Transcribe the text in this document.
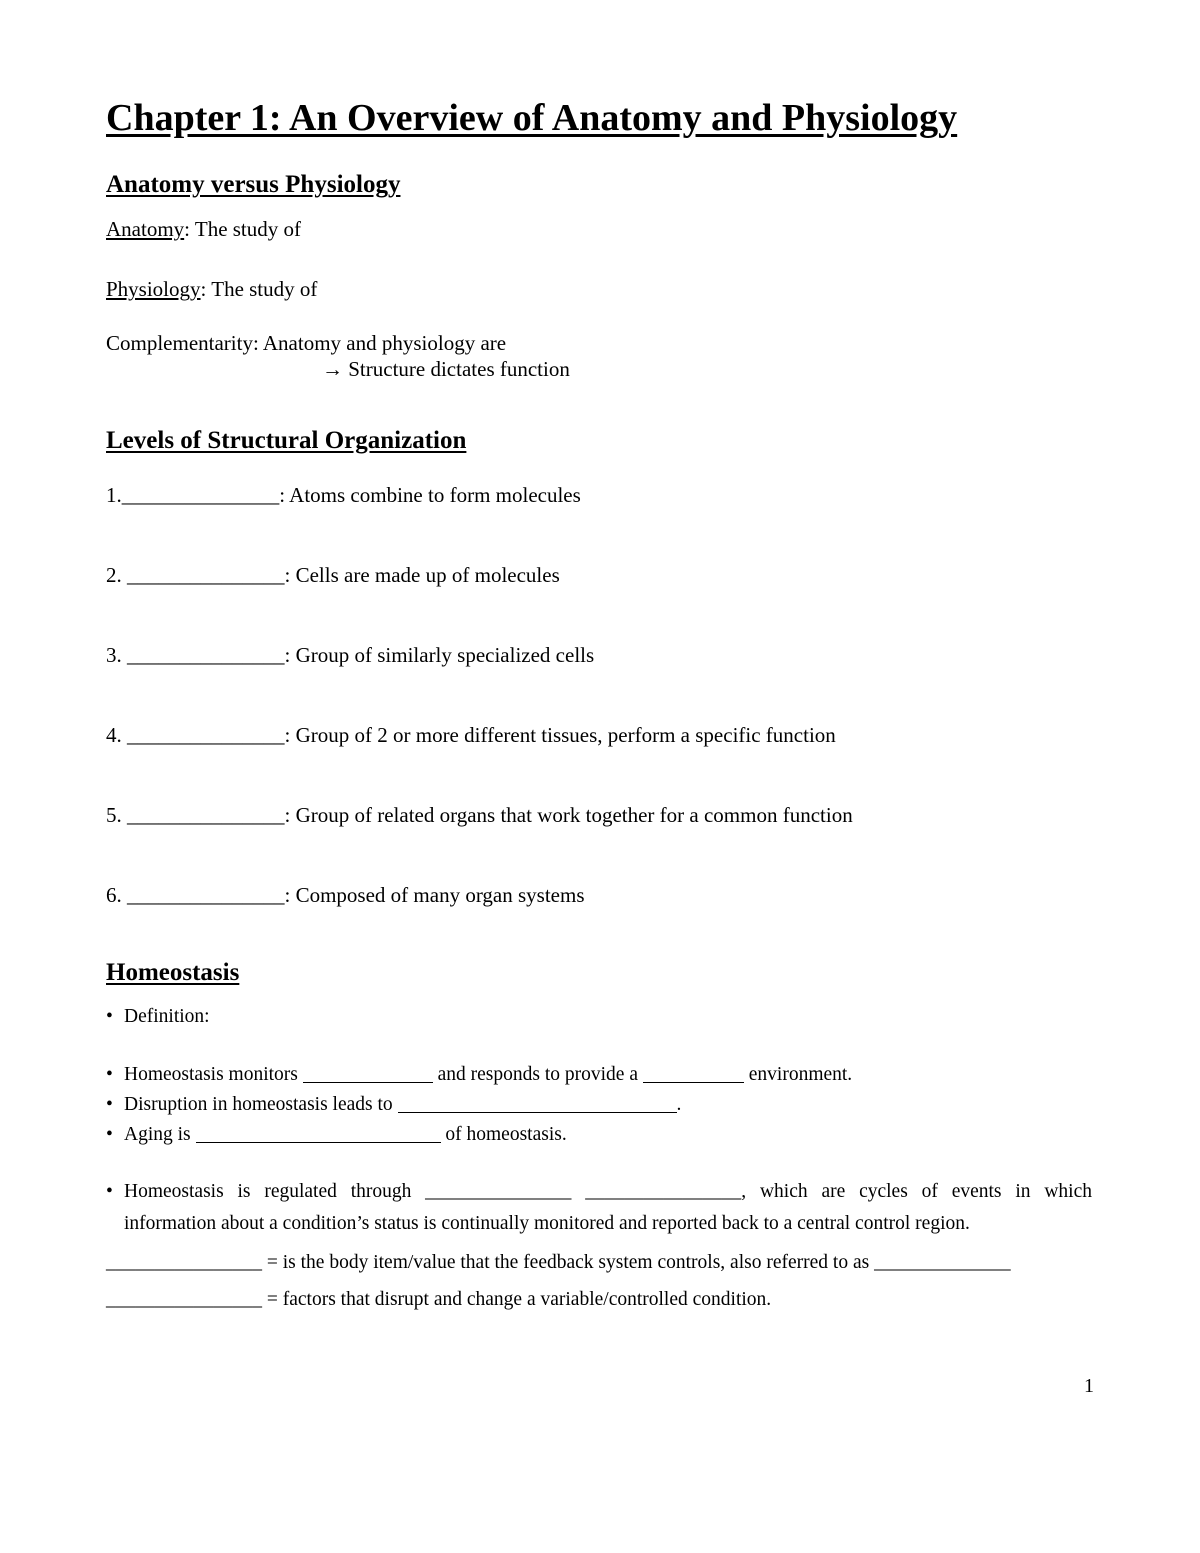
Chapter 1: An Overview of Anatomy and Physiology
Anatomy versus Physiology
Anatomy: The study of
Physiology: The study of
Complementarity: Anatomy and physiology are
→ Structure dictates function
Levels of Structural Organization
1._______________: Atoms combine to form molecules
2. _______________: Cells are made up of molecules
3. _______________: Group of similarly specialized cells
4. _______________: Group of 2 or more different tissues, perform a specific function
5. _______________: Group of related organs that work together for a common function
6. _______________: Composed of many organ systems
Homeostasis
• Definition:
• Homeostasis monitors	and responds to provide a	environment.
• Disruption in homeostasis leads to	.
• Aging is	of homeostasis.
• Homeostasis is regulated through _______________ ________________, which are cycles of events in which
information about a condition’s status is continually monitored and reported back to a central control region.
________________ = is the body item/value that the feedback system controls, also referred to as ______________
________________ = factors that disrupt and change a variable/controlled condition.
1
